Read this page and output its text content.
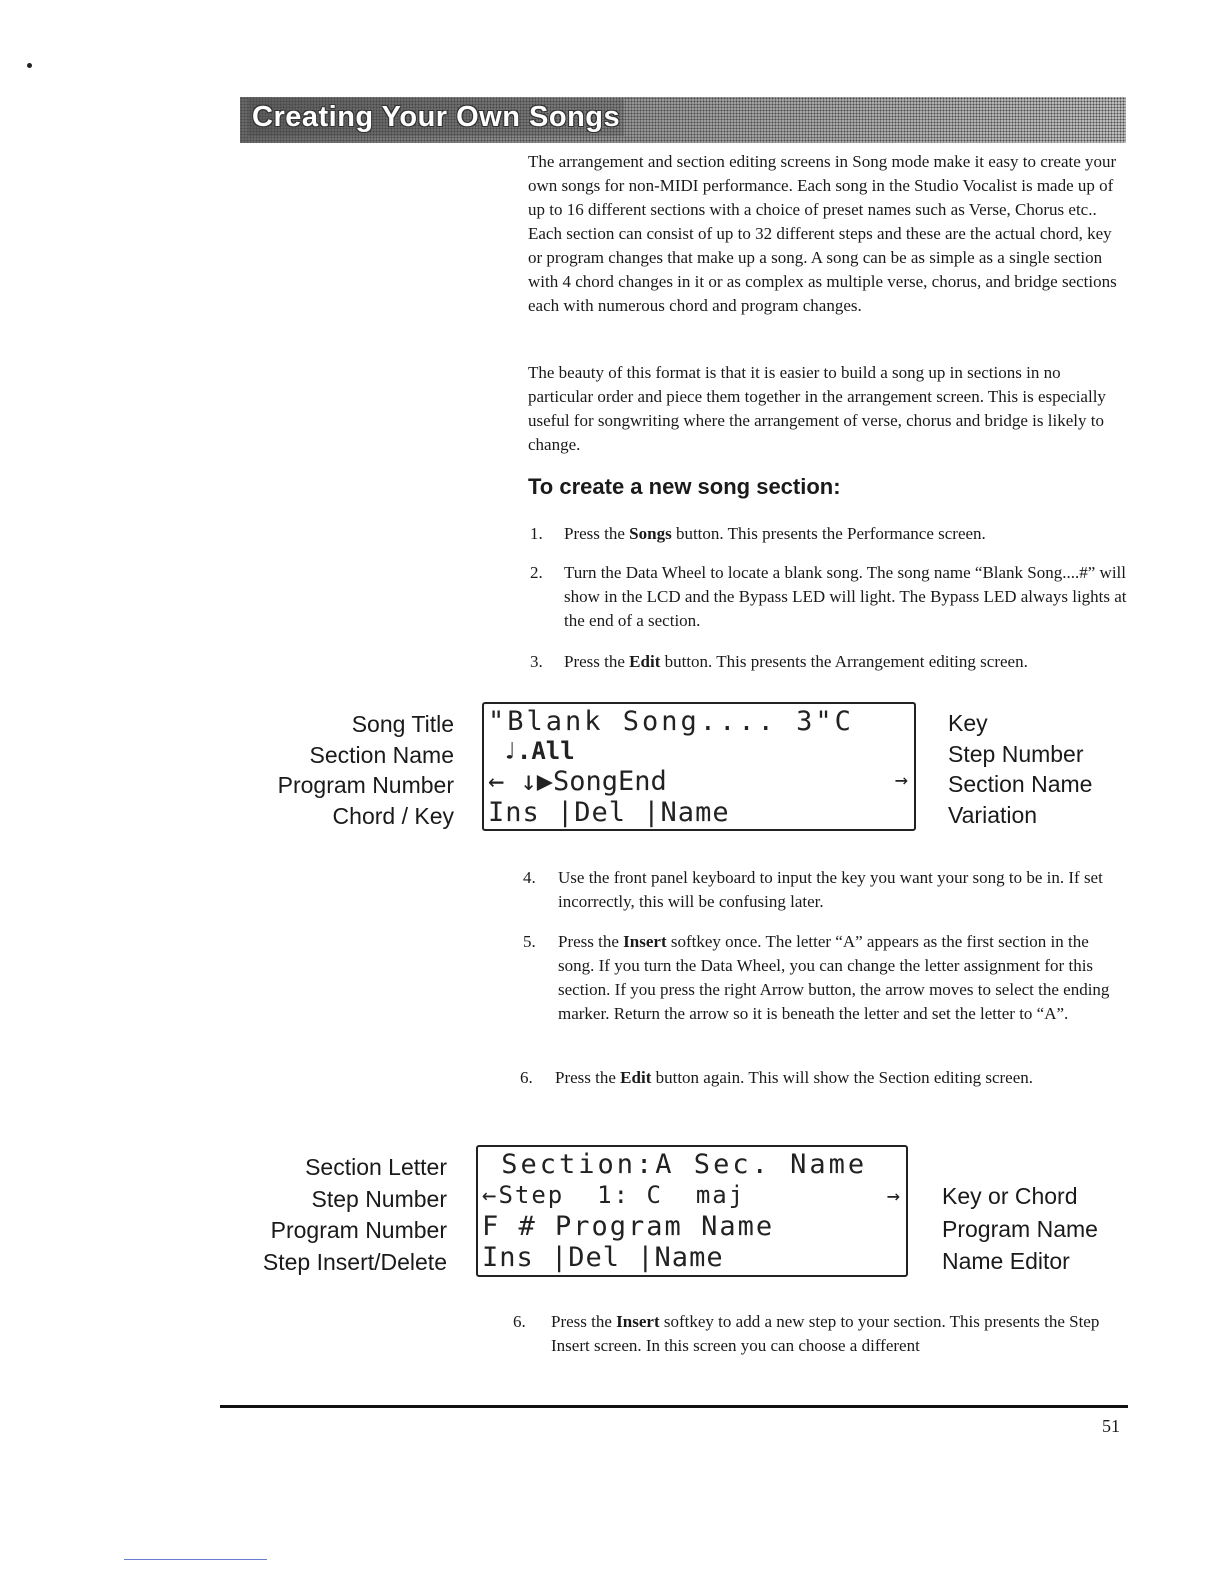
Creating Your Own Songs

The arrangement and section editing screens in Song mode make it easy to create your own songs for non-MIDI performance. Each song in the Studio Vocalist is made up of up to 16 different sections with a choice of preset names such as Verse, Chorus etc.. Each section can consist of up to 32 different steps and these are the actual chord, key or program changes that make up a song. A song can be as simple as a single section with 4 chord changes in it or as complex as multiple verse, chorus, and bridge sections each with numerous chord and program changes.

The beauty of this format is that it is easier to build a song up in sections in no particular order and piece them together in the arrangement screen. This is especially useful for songwriting where the arrangement of verse, chorus and bridge is likely to change.

To create a new song section:
1. Press the Songs button. This presents the Performance screen.
2. Turn the Data Wheel to locate a blank song. The song name “Blank Song....#” will show in the LCD and the Bypass LED will light. The Bypass LED always lights at the end of a section.
3. Press the Edit button. This presents the Arrangement editing screen.
Song Title
Section Name
Program Number
Chord / Key
"Blank Song.... 3"C
♩.All
← ↓▶SongEnd	→
Ins |Del |Name
Key
Step Number
Section Name
Variation
4. Use the front panel keyboard to input the key you want your song to be in. If set incorrectly, this will be confusing later.
5. Press the Insert softkey once. The letter “A” appears as the first section in the song. If you turn the Data Wheel, you can change the letter assignment for this section. If you press the right Arrow button, the arrow moves to select the ending marker. Return the arrow so it is beneath the letter and set the letter to “A”.
6. Press the Edit button again. This will show the Section editing screen.
Section Letter
Step Number
Program Number
Step Insert/Delete
Section:A Sec. Name
←Step  1: C  maj	→
F # Program Name
Ins |Del |Name
Key or Chord
Program Name
Name Editor
6. Press the Insert softkey to add a new step to your section. This presents the Step Insert screen. In this screen you can choose a different
51
